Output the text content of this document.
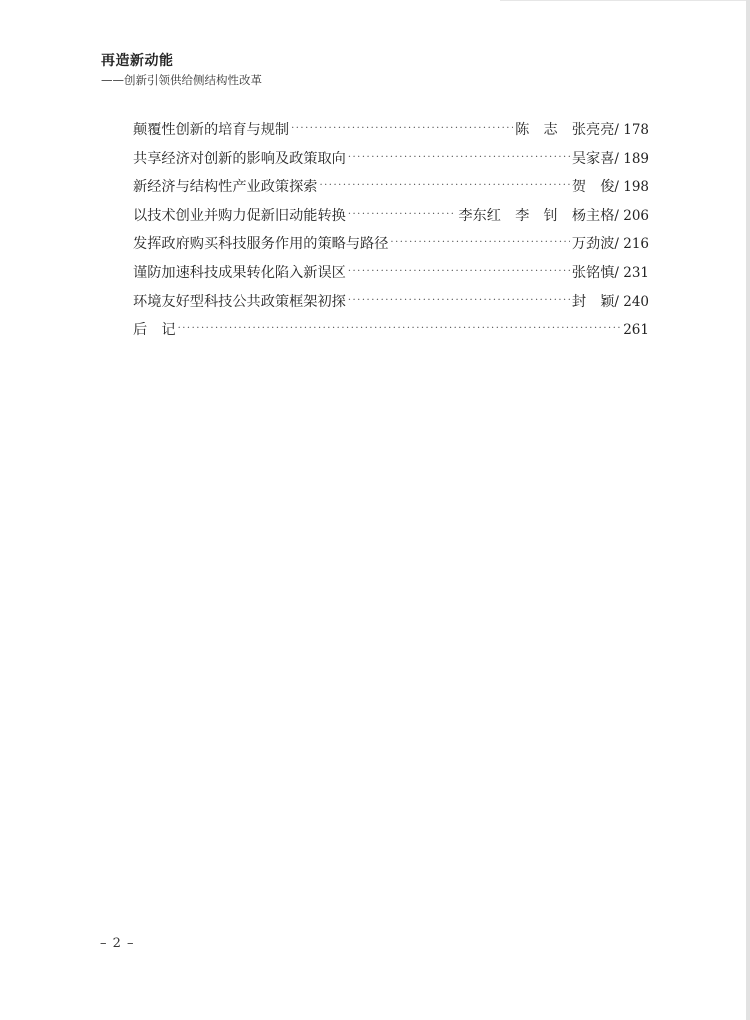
再造新动能
——创新引领供给侧结构性改革
颠覆性创新的培育与规制 ·····	陈　志　张亮亮 / 178
共享经济对创新的影响及政策取向 ·····	吴家喜 / 189
新经济与结构性产业政策探索 ·····	贺　俊 / 198
以技术创业并购力促新旧动能转换 ·····	李东红　李　钊　杨主格 / 206
发挥政府购买科技服务作用的策略与路径 ·····	万劲波 / 216
谨防加速科技成果转化陷入新误区 ·····	张铭慎 / 231
环境友好型科技公共政策框架初探 ·····	封　颖 / 240
后　记 ·····	261
– 2 –
